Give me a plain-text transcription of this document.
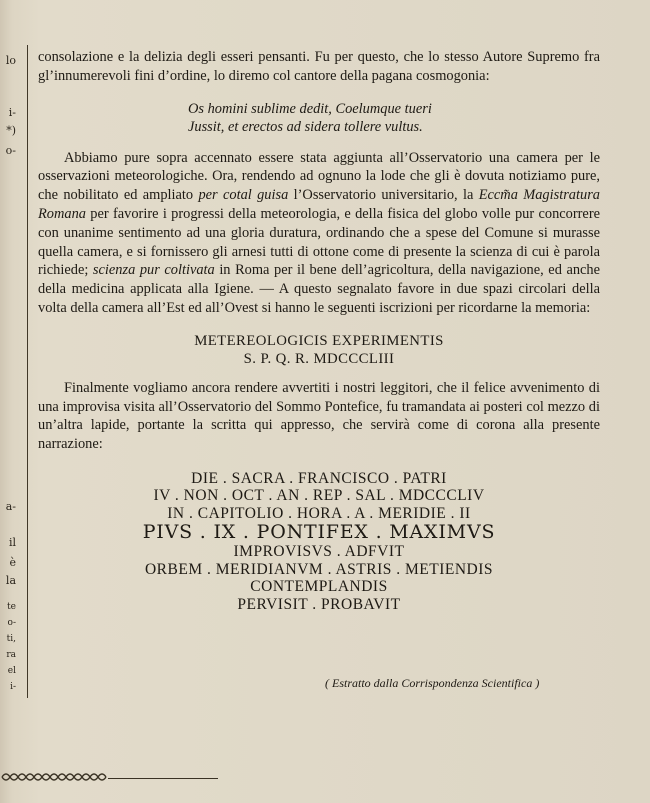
lo
i-
*)
o-
a-
il
è
la
te
o-
ti,
ra
el
i-

consolazione e la delizia degli esseri pensanti. Fu per questo, che lo stesso Autore Supremo fra gl’innumerevoli fini d’ordine, lo diremo col cantore della pagana cosmogonia:

Os homini sublime dedit, Coelumque tueri
Jussit, et erectos ad sidera tollere vultus.

Abbiamo pure sopra accennato essere stata aggiunta all’Osservatorio una camera per le osservazioni meteorologiche. Ora, rendendo ad ognuno la lode che gli è dovuta notiziamo pure, che nobilitato ed ampliato per cotal guisa l’Osservatorio universitario, la Eccm̃a Magistratura Romana per favorire i progressi della meteorologia, e della fisica del globo volle pur concorrere con unanime sentimento ad una gloria duratura, ordinando che a spese del Comune si murasse quella camera, e si fornissero gli arnesi tutti di ottone come di presente la scienza di cui è parola richiede; scienza pur coltivata in Roma per il bene dell’agricoltura, della navigazione, ed anche della medicina applicata alla Igiene. — A questo segnalato favore in due spazi circolari della volta della camera all’Est ed all’Ovest si hanno le seguenti iscrizioni per ricordarne la memoria:

METEREOLOGICIS EXPERIMENTIS
S. P. Q. R. MDCCCLIII

Finalmente vogliamo ancora rendere avvertiti i nostri leggitori, che il felice avvenimento di una improvisa visita all’Osservatorio del Sommo Pontefice, fu tramandata ai posteri col mezzo di un’altra lapide, portante la scritta qui appresso, che servirà come di corona alla presente narrazione:

DIE . SACRA . FRANCISCO . PATRI
IV . NON . OCT . AN . REP . SAL . MDCCCLIV
IN . CAPITOLIO . HORA . A . MERIDIE . II
PIVS . IX . PONTIFEX . MAXIMVS
IMPROVISVS . ADFVIT
ORBEM . MERIDIANVM . ASTRIS . METIENDIS
CONTEMPLANDIS
PERVISIT . PROBAVIT
( Estratto dalla Corrispondenza Scientifica )
